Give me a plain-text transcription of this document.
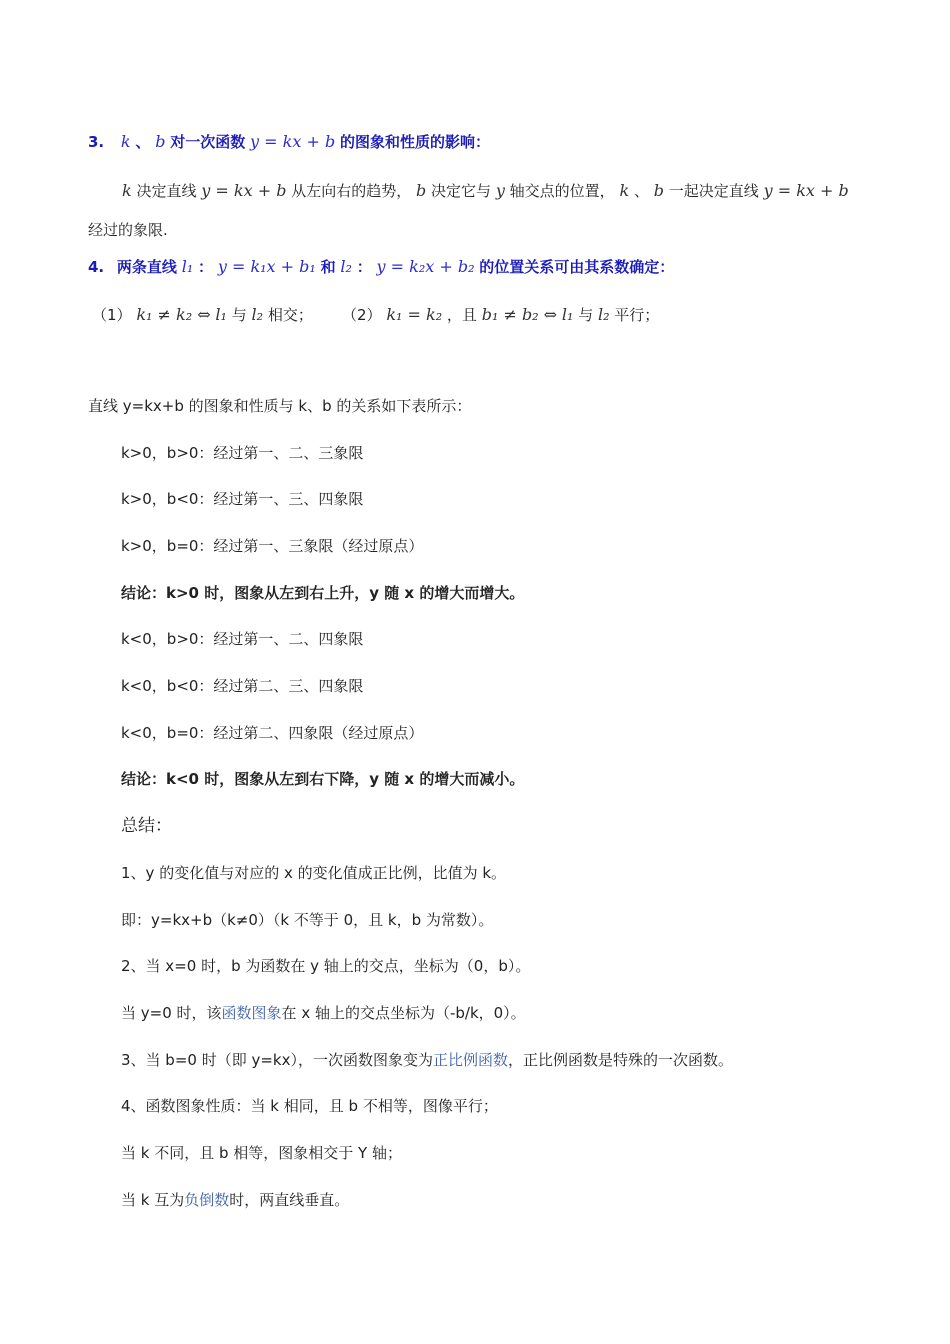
3. k 、 b 对一次函数 y = kx + b 的图象和性质的影响：
k 决定直线 y = kx + b 从左向右的趋势， b 决定它与 y 轴交点的位置， k 、 b 一起决定直线 y = kx + b
经过的象限.
4. 两条直线 l₁ ： y = k₁x + b₁ 和 l₂ ： y = k₂x + b₂ 的位置关系可由其系数确定：
（1） k₁ ≠ k₂ ⇔ l₁ 与 l₂ 相交； （2） k₁ = k₂ ，且 b₁ ≠ b₂ ⇔ l₁ 与 l₂ 平行；
直线 y=kx+b 的图象和性质与 k、b 的关系如下表所示：
k>0，b>0：经过第一、二、三象限
k>0，b<0：经过第一、三、四象限
k>0，b=0：经过第一、三象限（经过原点）
结论：k>0 时，图象从左到右上升，y 随 x 的增大而增大。
k<0，b>0：经过第一、二、四象限
k<0，b<0：经过第二、三、四象限
k<0，b=0：经过第二、四象限（经过原点）
结论：k<0 时，图象从左到右下降，y 随 x 的增大而减小。
总结：
1、y 的变化值与对应的 x 的变化值成正比例，比值为 k。
即：y=kx+b（k≠0）（k 不等于 0，且 k，b 为常数）。
2、当 x=0 时，b 为函数在 y 轴上的交点，坐标为（0，b）。
当 y=0 时，该函数图象在 x 轴上的交点坐标为（-b/k，0）。
3、当 b=0 时（即 y=kx），一次函数图象变为正比例函数，正比例函数是特殊的一次函数。
4、函数图象性质：当 k 相同，且 b 不相等，图像平行；
当 k 不同，且 b 相等，图象相交于 Y 轴；
当 k 互为负倒数时，两直线垂直。
